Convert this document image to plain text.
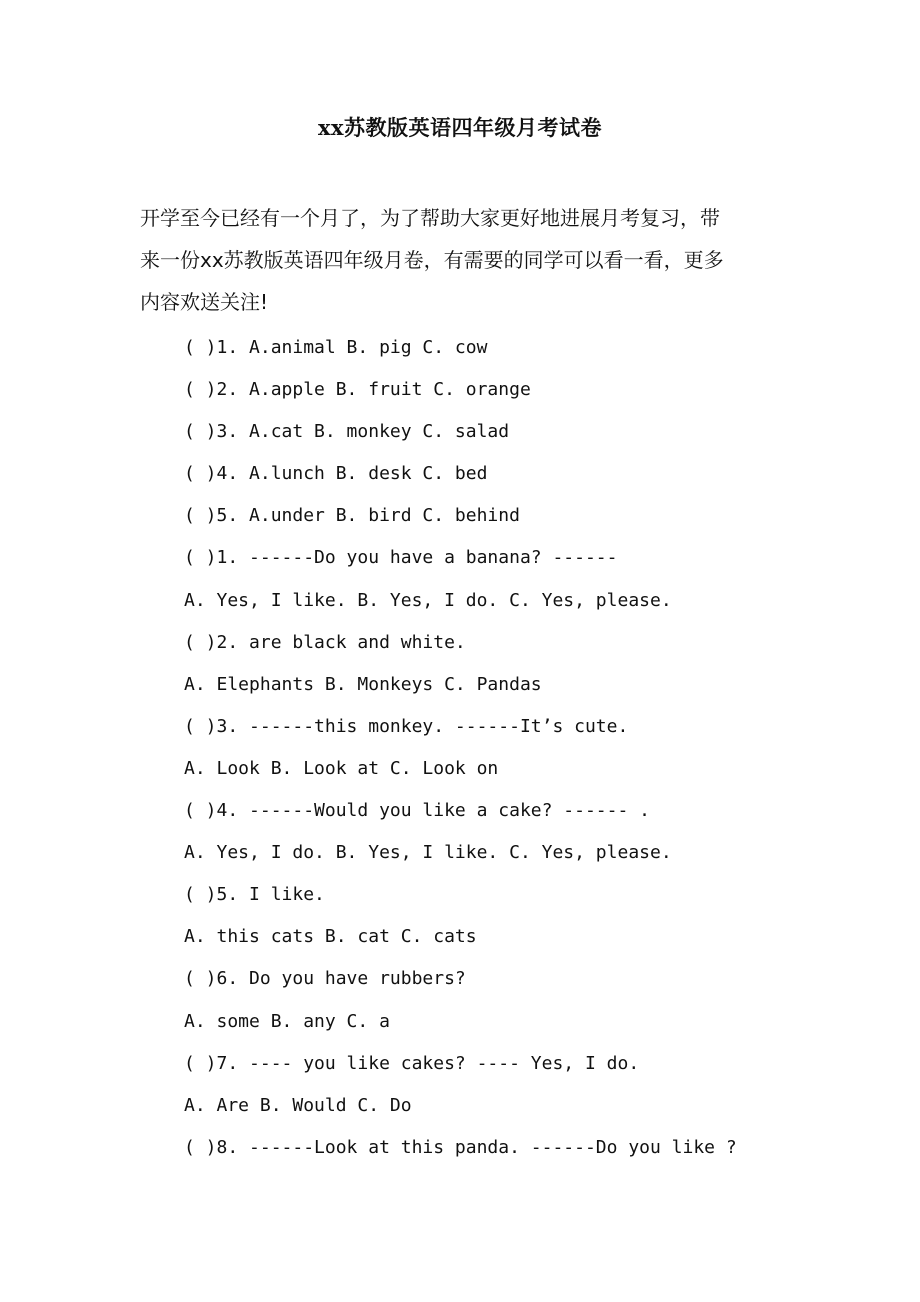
xx苏教版英语四年级月考试卷
开学至今已经有一个月了，为了帮助大家更好地进展月考复习，带
来一份xx苏教版英语四年级月卷，有需要的同学可以看一看，更多
内容欢送关注!
( )1. A.animal B. pig C. cow
( )2. A.apple B. fruit C. orange
( )3. A.cat B. monkey C. salad
( )4. A.lunch B. desk C. bed
( )5. A.under B. bird C. behind
( )1. ------Do you have a banana? ------
A. Yes, I like. B. Yes, I do. C. Yes, please.
( )2. are black and white.
A. Elephants B. Monkeys C. Pandas
( )3. ------this monkey. ------It’s cute.
A. Look B. Look at C. Look on
( )4. ------Would you like a cake? ------ .
A. Yes, I do. B. Yes, I like. C. Yes, please.
( )5. I like.
A. this cats B. cat C. cats
( )6. Do you have rubbers?
A. some B. any C. a
( )7. ---- you like cakes? ---- Yes, I do.
A. Are B. Would C. Do
( )8. ------Look at this panda. ------Do you like ?
